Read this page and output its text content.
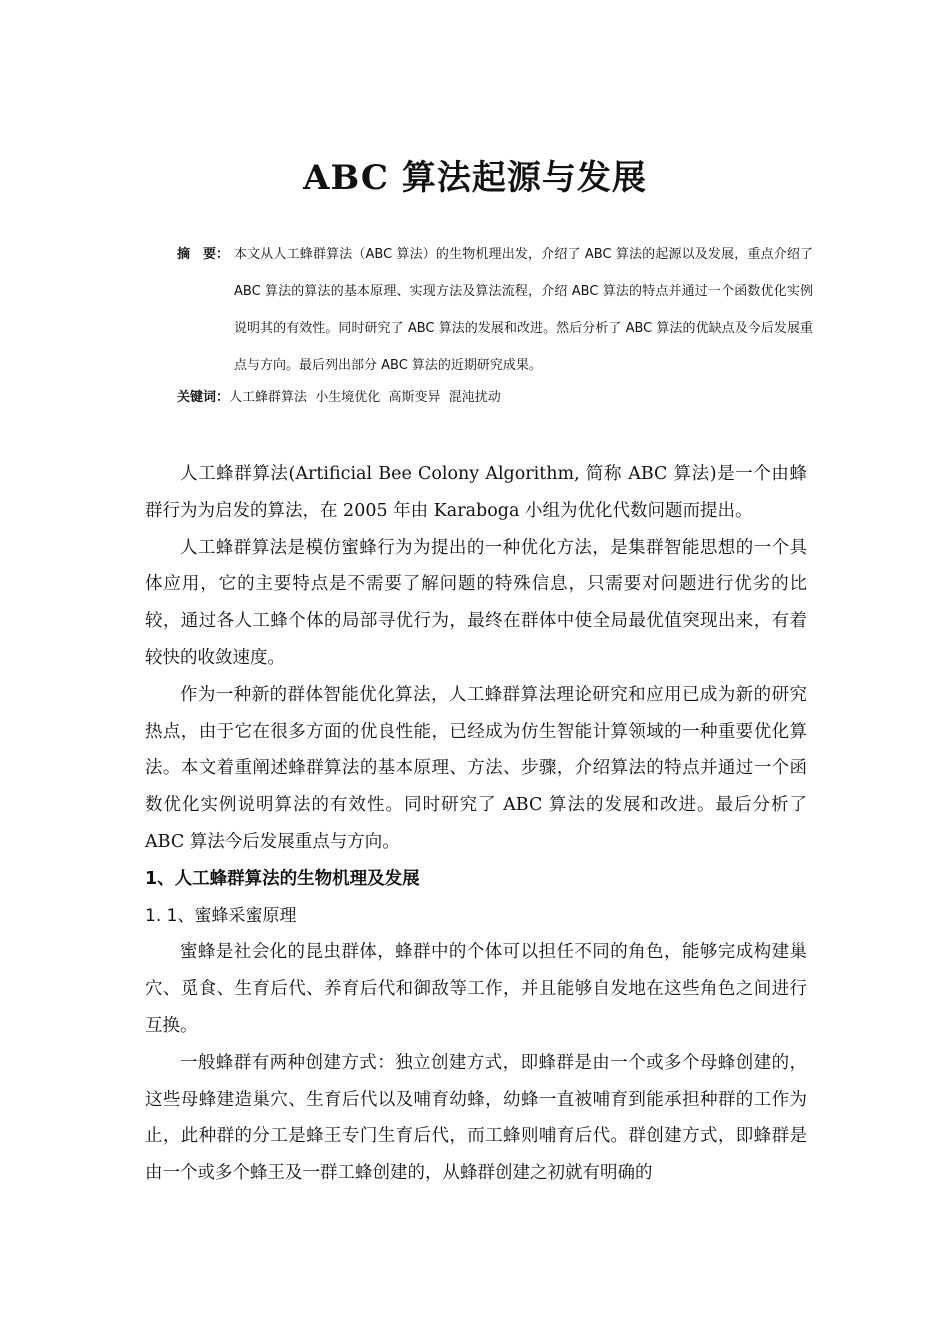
ABC 算法起源与发展
摘　要： 本文从人工蜂群算法（ABC 算法）的生物机理出发，介绍了 ABC 算法的起源以及发展，重点介绍了 ABC 算法的算法的基本原理、实现方法及算法流程，介绍 ABC 算法的特点并通过一个函数优化实例说明其的有效性。同时研究了 ABC 算法的发展和改进。然后分析了 ABC 算法的优缺点及今后发展重点与方向。最后列出部分 ABC 算法的近期研究成果。
关键词：人工蜂群算法  小生境优化  高斯变异  混沌扰动

人工蜂群算法(Artificial Bee Colony Algorithm, 简称 ABC 算法)是一个由蜂群行为为启发的算法，在 2005 年由 Karaboga 小组为优化代数问题而提出。

人工蜂群算法是模仿蜜蜂行为为提出的一种优化方法，是集群智能思想的一个具体应用，它的主要特点是不需要了解问题的特殊信息，只需要对问题进行优劣的比较，通过各人工蜂个体的局部寻优行为，最终在群体中使全局最优值突现出来，有着较快的收敛速度。

作为一种新的群体智能优化算法，人工蜂群算法理论研究和应用已成为新的研究热点，由于它在很多方面的优良性能，已经成为仿生智能计算领域的一种重要优化算法。本文着重阐述蜂群算法的基本原理、方法、步骤，介绍算法的特点并通过一个函数优化实例说明算法的有效性。同时研究了 ABC 算法的发展和改进。最后分析了 ABC 算法今后发展重点与方向。

1、人工蜂群算法的生物机理及发展
1. 1、蜜蜂采蜜原理

蜜蜂是社会化的昆虫群体，蜂群中的个体可以担任不同的角色，能够完成构建巢穴、觅食、生育后代、养育后代和御敌等工作，并且能够自发地在这些角色之间进行互换。

一般蜂群有两种创建方式：独立创建方式，即蜂群是由一个或多个母蜂创建的，这些母蜂建造巢穴、生育后代以及哺育幼蜂，幼蜂一直被哺育到能承担种群的工作为止，此种群的分工是蜂王专门生育后代，而工蜂则哺育后代。群创建方式，即蜂群是由一个或多个蜂王及一群工蜂创建的，从蜂群创建之初就有明确的
